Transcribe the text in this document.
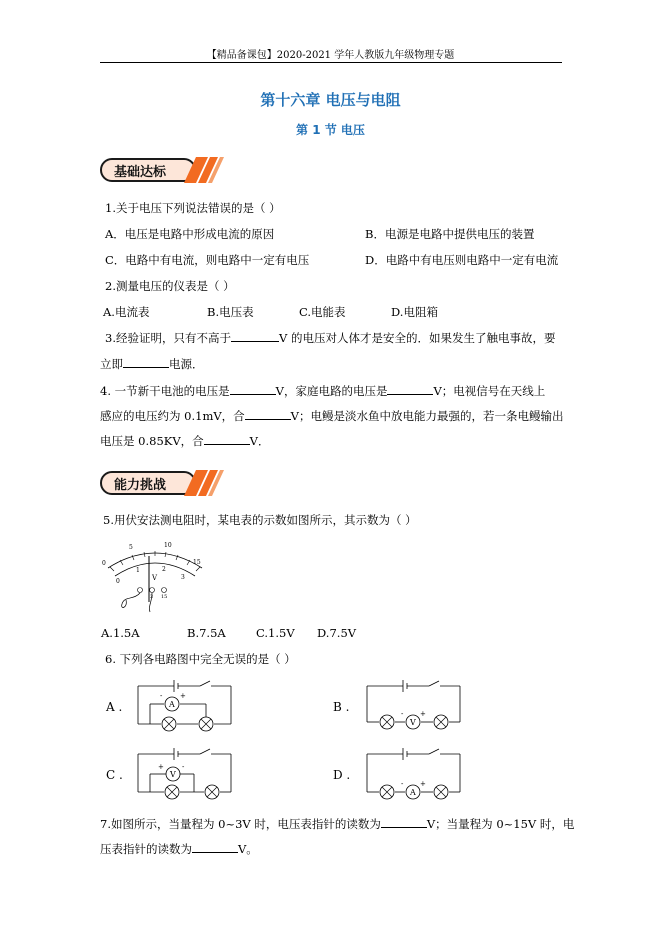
【精品备课包】2020-2021 学年人教版九年级物理专题
第十六章 电压与电阻
第 1 节 电压
基础达标
1.关于电压下列说法错误的是（ ）
A．电压是电路中形成电流的原因	B．电源是电路中提供电压的装置
C．电路中有电流，则电路中一定有电压	D．电路中有电压则电路中一定有电流
2.测量电压的仪表是（ ）
A.电流表	B.电压表	C.电能表	D.电阻箱
3.经验证明，只有不高于	V 的电压对人体才是安全的．如果发生了触电事故，要
立即	电源．
4. 一节新干电池的电压是	V，家庭电路的电压是	V；电视信号在天线上
感应的电压约为 0.1mV，合	V；电鳗是淡水鱼中放电能力最强的，若一条电鳗输出
电压是 0.85KV，合	V．
能力挑战
5.用伏安法测电阻时，某电表的示数如图所示，其示数为（ ）
0
5	10
15
0
1	2
3
V
3 15
A.1.5A	B.7.5A	C.1.5V D.7.5V
6. 下列各电路图中完全无误的是（ ）
A .	B .
C .	D .
A
-	+
V
- +
V
+	-
A
- +
7.如图所示，当量程为 0~3V 时，电压表指针的读数为	V；当量程为 0~15V 时，电
压表指针的读数为	V。
